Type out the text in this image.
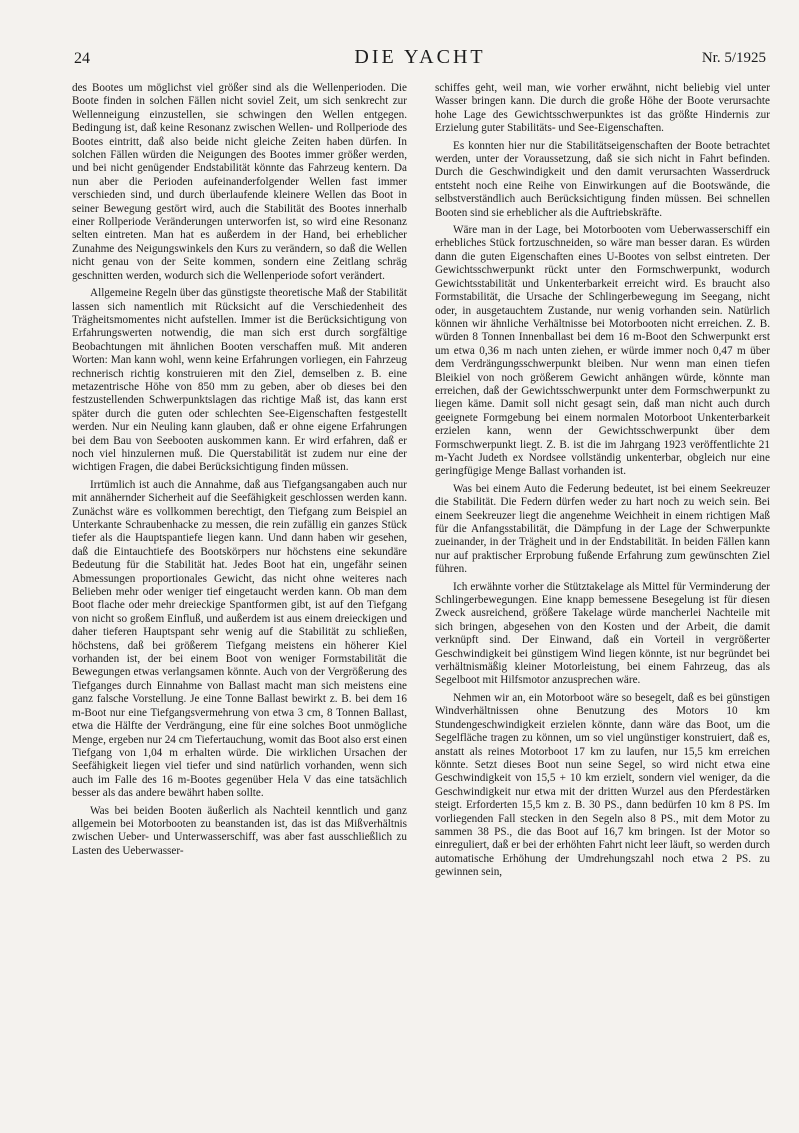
24	DIE YACHT	Nr. 5/1925

des Bootes um möglichst viel größer sind als die Wellenperioden. Die Boote finden in solchen Fällen nicht soviel Zeit, um sich senkrecht zur Wellenneigung einzustellen, sie schwingen den Wellen entgegen. Bedingung ist, daß keine Resonanz zwischen Wellen- und Rollperiode des Bootes eintritt, daß also beide nicht gleiche Zeiten haben dürfen. In solchen Fällen würden die Neigungen des Bootes immer größer werden, und bei nicht genügender Endstabilität könnte das Fahrzeug kentern. Da nun aber die Perioden aufeinanderfolgender Wellen fast immer verschieden sind, und durch überlaufende kleinere Wellen das Boot in seiner Bewegung gestört wird, auch die Stabilität des Bootes innerhalb einer Rollperiode Veränderungen unterworfen ist, so wird eine Resonanz selten eintreten. Man hat es außerdem in der Hand, bei erheblicher Zunahme des Neigungswinkels den Kurs zu verändern, so daß die Wellen nicht genau von der Seite kommen, sondern eine Zeitlang schräg geschnitten werden, wodurch sich die Wellenperiode sofort verändert.

Allgemeine Regeln über das günstigste theoretische Maß der Stabilität lassen sich namentlich mit Rücksicht auf die Verschiedenheit des Trägheitsmomentes nicht aufstellen. Immer ist die Berücksichtigung von Erfahrungswerten notwendig, die man sich erst durch sorgfältige Beobachtungen mit ähnlichen Booten verschaffen muß. Mit anderen Worten: Man kann wohl, wenn keine Erfahrungen vorliegen, ein Fahrzeug rechnerisch richtig konstruieren mit den Ziel, demselben z. B. eine metazentrische Höhe von 850 mm zu geben, aber ob dieses bei den festzustellenden Schwerpunktslagen das richtige Maß ist, das kann erst später durch die guten oder schlechten See-Eigenschaften festgestellt werden. Nur ein Neuling kann glauben, daß er ohne eigene Erfahrungen bei dem Bau von Seebooten auskommen kann. Er wird erfahren, daß er noch viel hinzulernen muß. Die Querstabilität ist zudem nur eine der wichtigen Fragen, die dabei Berücksichtigung finden müssen.

Irrtümlich ist auch die Annahme, daß aus Tiefgangsangaben auch nur mit annähernder Sicherheit auf die Seefähigkeit geschlossen werden kann. Zunächst wäre es vollkommen berechtigt, den Tiefgang zum Beispiel an Unterkante Schraubenhacke zu messen, die rein zufällig ein ganzes Stück tiefer als die Hauptspantiefe liegen kann. Und dann haben wir gesehen, daß die Eintauchtiefe des Bootskörpers nur höchstens eine sekundäre Bedeutung für die Stabilität hat. Jedes Boot hat ein, ungefähr seinen Abmessungen proportionales Gewicht, das nicht ohne weiteres nach Belieben mehr oder weniger tief eingetaucht werden kann. Ob man dem Boot flache oder mehr dreieckige Spantformen gibt, ist auf den Tiefgang von nicht so großem Einfluß, und außerdem ist aus einem dreieckigen und daher tieferen Hauptspant sehr wenig auf die Stabilität zu schließen, höchstens, daß bei größerem Tiefgang meistens ein höherer Kiel vorhanden ist, der bei einem Boot von weniger Formstabilität die Bewegungen etwas verlangsamen könnte. Auch von der Vergrößerung des Tiefganges durch Einnahme von Ballast macht man sich meistens eine ganz falsche Vorstellung. Je eine Tonne Ballast bewirkt z. B. bei dem 16 m-Boot nur eine Tiefgangsvermehrung von etwa 3 cm, 8 Tonnen Ballast, etwa die Hälfte der Verdrängung, eine für eine solches Boot unmögliche Menge, ergeben nur 24 cm Tiefertauchung, womit das Boot also erst einen Tiefgang von 1,04 m erhalten würde. Die wirklichen Ursachen der Seefähigkeit liegen viel tiefer und sind natürlich vorhanden, wenn sich auch im Falle des 16 m-Bootes gegenüber Hela V das eine tatsächlich besser als das andere bewährt haben sollte.

Was bei beiden Booten äußerlich als Nachteil kenntlich und ganz allgemein bei Motorbooten zu beanstanden ist, das ist das Mißverhältnis zwischen Ueber- und Unterwasserschiff, was aber fast ausschließlich zu Lasten des Ueberwasser-

schiffes geht, weil man, wie vorher erwähnt, nicht beliebig viel unter Wasser bringen kann. Die durch die große Höhe der Boote verursachte hohe Lage des Gewichtsschwerpunktes ist das größte Hindernis zur Erzielung guter Stabilitäts- und See-Eigenschaften.

Es konnten hier nur die Stabilitätseigenschaften der Boote betrachtet werden, unter der Voraussetzung, daß sie sich nicht in Fahrt befinden. Durch die Geschwindigkeit und den damit verursachten Wasserdruck entsteht noch eine Reihe von Einwirkungen auf die Bootswände, die selbstverständlich auch Berücksichtigung finden müssen. Bei schnellen Booten sind sie erheblicher als die Auftriebskräfte.

Wäre man in der Lage, bei Motorbooten vom Ueberwasserschiff ein erhebliches Stück fortzuschneiden, so wäre man besser daran. Es würden dann die guten Eigenschaften eines U-Bootes von selbst eintreten. Der Gewichtsschwerpunkt rückt unter den Formschwerpunkt, wodurch Gewichtsstabilität und Unkenterbarkeit erreicht wird. Es braucht also Formstabilität, die Ursache der Schlingerbewegung im Seegang, nicht oder, in ausgetauchtem Zustande, nur wenig vorhanden sein. Natürlich können wir ähnliche Verhältnisse bei Motorbooten nicht erreichen. Z. B. würden 8 Tonnen Innenballast bei dem 16 m-Boot den Schwerpunkt erst um etwa 0,36 m nach unten ziehen, er würde immer noch 0,47 m über dem Verdrängungsschwerpunkt bleiben. Nur wenn man einen tiefen Bleikiel von noch größerem Gewicht anhängen würde, könnte man erreichen, daß der Gewichtsschwerpunkt unter dem Formschwerpunkt zu liegen käme. Damit soll nicht gesagt sein, daß man nicht auch durch geeignete Formgebung bei einem normalen Motorboot Unkenterbarkeit erzielen kann, wenn der Gewichtsschwerpunkt über dem Formschwerpunkt liegt. Z. B. ist die im Jahrgang 1923 veröffentlichte 21 m-Yacht Judeth ex Nordsee vollständig unkenterbar, obgleich nur eine geringfügige Menge Ballast vorhanden ist.

Was bei einem Auto die Federung bedeutet, ist bei einem Seekreuzer die Stabilität. Die Federn dürfen weder zu hart noch zu weich sein. Bei einem Seekreuzer liegt die angenehme Weichheit in einem richtigen Maß für die Anfangsstabilität, die Dämpfung in der Lage der Schwerpunkte zueinander, in der Trägheit und in der Endstabilität. In beiden Fällen kann nur auf praktischer Erprobung fußende Erfahrung zum gewünschten Ziel führen.

Ich erwähnte vorher die Stütztakelage als Mittel für Verminderung der Schlingerbewegungen. Eine knapp bemessene Besegelung ist für diesen Zweck ausreichend, größere Takelage würde mancherlei Nachteile mit sich bringen, abgesehen von den Kosten und der Arbeit, die damit verknüpft sind. Der Einwand, daß ein Vorteil in vergrößerter Geschwindigkeit bei günstigem Wind liegen könnte, ist nur begründet bei verhältnismäßig kleiner Motorleistung, bei einem Fahrzeug, das als Segelboot mit Hilfsmotor anzusprechen wäre.

Nehmen wir an, ein Motorboot wäre so besegelt, daß es bei günstigen Windverhältnissen ohne Benutzung des Motors 10 km Stundengeschwindigkeit erzielen könnte, dann wäre das Boot, um die Segelfläche tragen zu können, um so viel ungünstiger konstruiert, daß es, anstatt als reines Motorboot 17 km zu laufen, nur 15,5 km erreichen könnte. Setzt dieses Boot nun seine Segel, so wird nicht etwa eine Geschwindigkeit von 15,5 + 10 km erzielt, sondern viel weniger, da die Geschwindigkeit nur etwa mit der dritten Wurzel aus den Pferdestärken steigt. Erforderten 15,5 km z. B. 30 PS., dann bedürfen 10 km 8 PS. Im vorliegenden Fall stecken in den Segeln also 8 PS., mit dem Motor zu sammen 38 PS., die das Boot auf 16,7 km bringen. Ist der Motor so einreguliert, daß er bei der erhöhten Fahrt nicht leer läuft, so werden durch automatische Erhöhung der Umdrehungszahl noch etwa 2 PS. zu gewinnen sein,
